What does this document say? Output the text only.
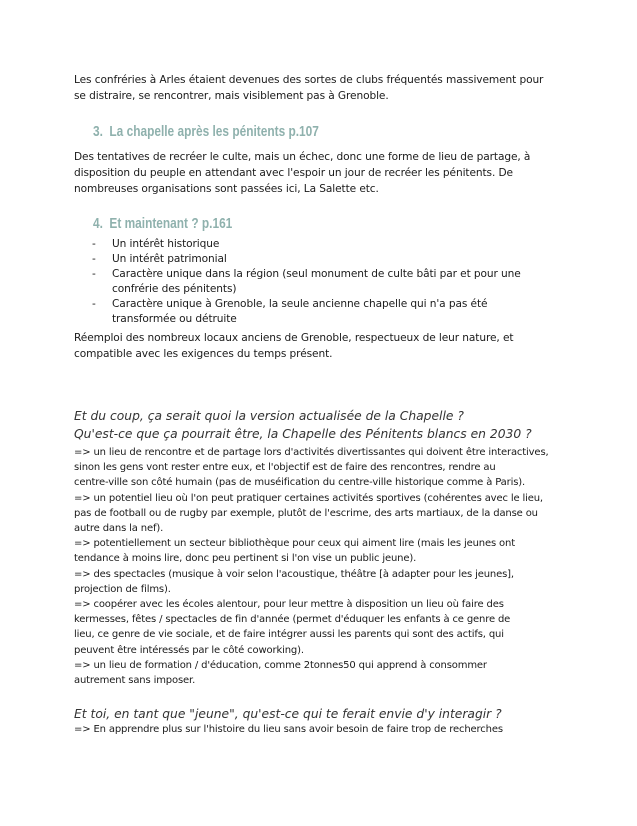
Les confréries à Arles étaient devenues des sortes de clubs fréquentés massivement pour
se distraire, se rencontrer, mais visiblement pas à Grenoble.
3. La chapelle après les pénitents p.107
Des tentatives de recréer le culte, mais un échec, donc une forme de lieu de partage, à
disposition du peuple en attendant avec l'espoir un jour de recréer les pénitents. De
nombreuses organisations sont passées ici, La Salette etc.
4. Et maintenant ? p.161
- Un intérêt historique
- Un intérêt patrimonial
- Caractère unique dans la région (seul monument de culte bâti par et pour une
confrérie des pénitents)
- Caractère unique à Grenoble, la seule ancienne chapelle qui n'a pas été
transformée ou détruite
Réemploi des nombreux locaux anciens de Grenoble, respectueux de leur nature, et
compatible avec les exigences du temps présent.
Et du coup, ça serait quoi la version actualisée de la Chapelle ?
Qu'est-ce que ça pourrait être, la Chapelle des Pénitents blancs en 2030 ?
=> un lieu de rencontre et de partage lors d'activités divertissantes qui doivent être interactives,
sinon les gens vont rester entre eux, et l'objectif est de faire des rencontres, rendre au
centre-ville son côté humain (pas de muséification du centre-ville historique comme à Paris).
=> un potentiel lieu où l'on peut pratiquer certaines activités sportives (cohérentes avec le lieu,
pas de football ou de rugby par exemple, plutôt de l'escrime, des arts martiaux, de la danse ou
autre dans la nef).
=> potentiellement un secteur bibliothèque pour ceux qui aiment lire (mais les jeunes ont
tendance à moins lire, donc peu pertinent si l'on vise un public jeune).
=> des spectacles (musique à voir selon l'acoustique, théâtre [à adapter pour les jeunes],
projection de films).
=> coopérer avec les écoles alentour, pour leur mettre à disposition un lieu où faire des
kermesses, fêtes / spectacles de fin d'année (permet d'éduquer les enfants à ce genre de
lieu, ce genre de vie sociale, et de faire intégrer aussi les parents qui sont des actifs, qui
peuvent être intéressés par le côté coworking).
=> un lieu de formation / d'éducation, comme 2tonnes50 qui apprend à consommer
autrement sans imposer.
Et toi, en tant que "jeune", qu'est-ce qui te ferait envie d'y interagir ?
=> En apprendre plus sur l'histoire du lieu sans avoir besoin de faire trop de recherches
